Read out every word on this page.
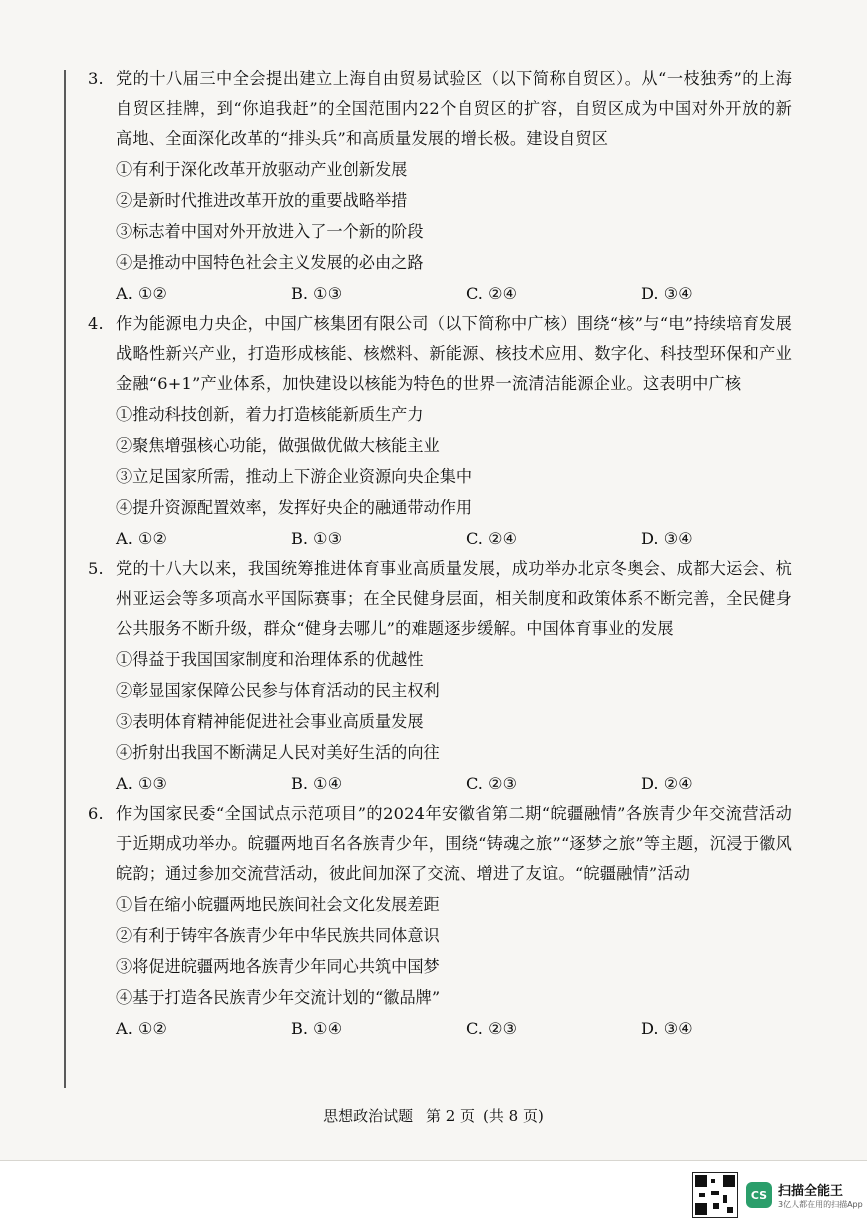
3. 党的十八届三中全会提出建立上海自由贸易试验区（以下简称自贸区）。从“一枝独秀”的上海自贸区挂牌，到“你追我赶”的全国范围内22个自贸区的扩容，自贸区成为中国对外开放的新高地、全面深化改革的“排头兵”和高质量发展的增长极。建设自贸区
①有利于深化改革开放驱动产业创新发展
②是新时代推进改革开放的重要战略举措
③标志着中国对外开放进入了一个新的阶段
④是推动中国特色社会主义发展的必由之路
A. ①②	B. ①③	C. ②④	D. ③④
4. 作为能源电力央企，中国广核集团有限公司（以下简称中广核）围绕“核”与“电”持续培育发展战略性新兴产业，打造形成核能、核燃料、新能源、核技术应用、数字化、科技型环保和产业金融“6+1”产业体系，加快建设以核能为特色的世界一流清洁能源企业。这表明中广核
①推动科技创新，着力打造核能新质生产力
②聚焦增强核心功能，做强做优做大核能主业
③立足国家所需，推动上下游企业资源向央企集中
④提升资源配置效率，发挥好央企的融通带动作用
A. ①②	B. ①③	C. ②④	D. ③④
5. 党的十八大以来，我国统筹推进体育事业高质量发展，成功举办北京冬奥会、成都大运会、杭州亚运会等多项高水平国际赛事；在全民健身层面，相关制度和政策体系不断完善，全民健身公共服务不断升级，群众“健身去哪儿”的难题逐步缓解。中国体育事业的发展
①得益于我国国家制度和治理体系的优越性
②彰显国家保障公民参与体育活动的民主权利
③表明体育精神能促进社会事业高质量发展
④折射出我国不断满足人民对美好生活的向往
A. ①③	B. ①④	C. ②③	D. ②④
6. 作为国家民委“全国试点示范项目”的2024年安徽省第二期“皖疆融情”各族青少年交流营活动于近期成功举办。皖疆两地百名各族青少年，围绕“铸魂之旅”“逐梦之旅”等主题，沉浸于徽风皖韵；通过参加交流营活动，彼此间加深了交流、增进了友谊。“皖疆融情”活动
①旨在缩小皖疆两地民族间社会文化发展差距
②有利于铸牢各族青少年中华民族共同体意识
③将促进皖疆两地各族青少年同心共筑中国梦
④基于打造各民族青少年交流计划的“徽品牌”
A. ①②	B. ①④	C. ②③	D. ③④
思想政治试题 第 2 页 (共 8 页)
CS 扫描全能王
3亿人都在用的扫描App
